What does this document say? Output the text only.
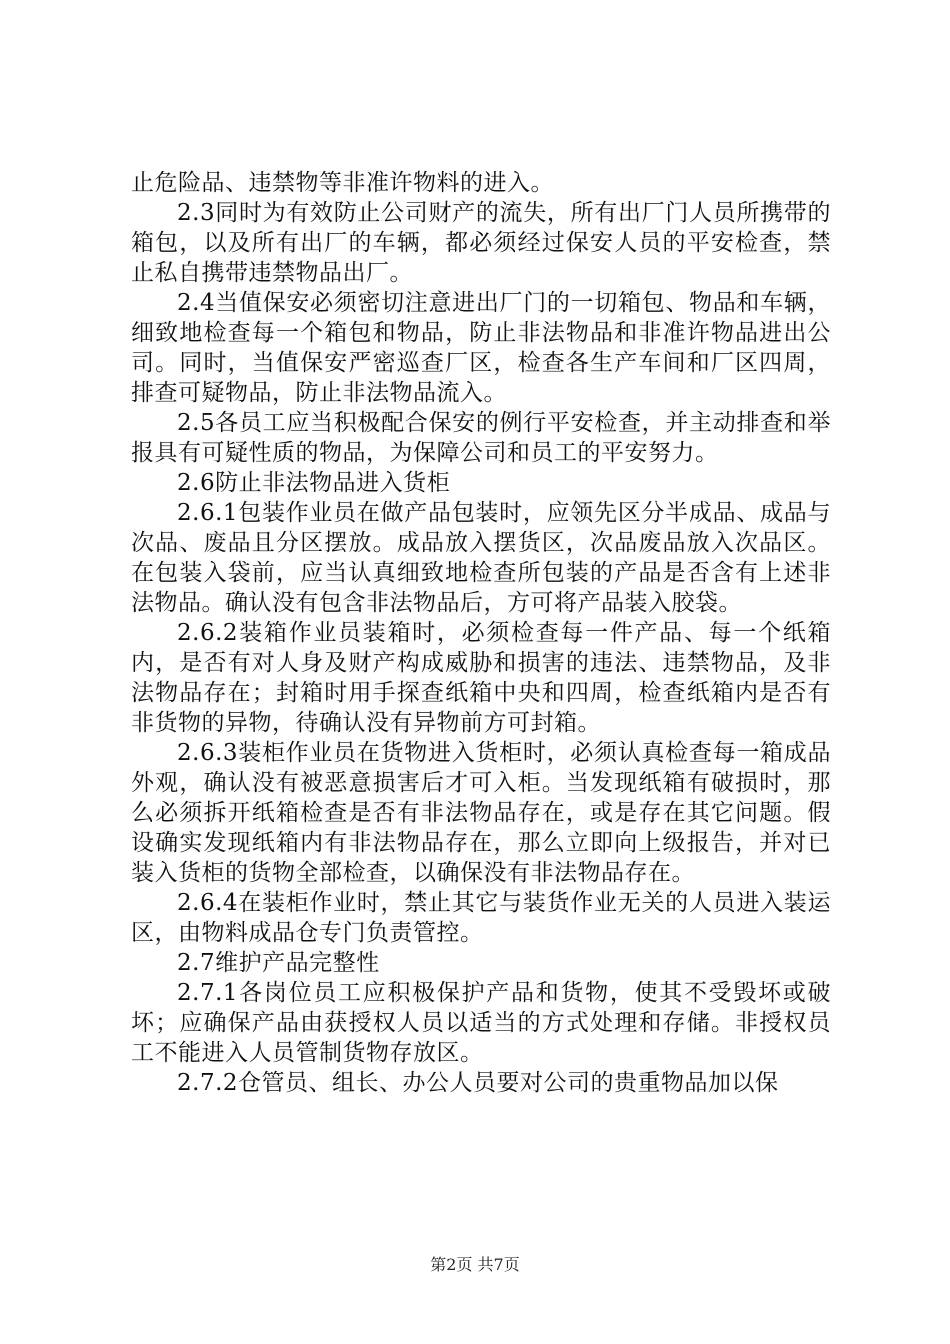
止危险品、违禁物等非准许物料的进入。

2.3同时为有效防止公司财产的流失，所有出厂门人员所携带的箱包，以及所有出厂的车辆，都必须经过保安人员的平安检查，禁止私自携带违禁物品出厂。

2.4当值保安必须密切注意进出厂门的一切箱包、物品和车辆，细致地检查每一个箱包和物品，防止非法物品和非准许物品进出公司。同时，当值保安严密巡查厂区，检查各生产车间和厂区四周，排查可疑物品，防止非法物品流入。

2.5各员工应当积极配合保安的例行平安检查，并主动排查和举报具有可疑性质的物品，为保障公司和员工的平安努力。

2.6防止非法物品进入货柜

2.6.1包装作业员在做产品包装时，应领先区分半成品、成品与次品、废品且分区摆放。成品放入摆货区，次品废品放入次品区。在包装入袋前，应当认真细致地检查所包装的产品是否含有上述非法物品。确认没有包含非法物品后，方可将产品装入胶袋。

2.6.2装箱作业员装箱时，必须检查每一件产品、每一个纸箱内，是否有对人身及财产构成威胁和损害的违法、违禁物品，及非法物品存在；封箱时用手探查纸箱中央和四周，检查纸箱内是否有非货物的异物，待确认没有异物前方可封箱。

2.6.3装柜作业员在货物进入货柜时，必须认真检查每一箱成品外观，确认没有被恶意损害后才可入柜。当发现纸箱有破损时，那么必须拆开纸箱检查是否有非法物品存在，或是存在其它问题。假设确实发现纸箱内有非法物品存在，那么立即向上级报告，并对已装入货柜的货物全部检查，以确保没有非法物品存在。

2.6.4在装柜作业时，禁止其它与装货作业无关的人员进入装运区，由物料成品仓专门负责管控。

2.7维护产品完整性

2.7.1各岗位员工应积极保护产品和货物，使其不受毁坏或破坏；应确保产品由获授权人员以适当的方式处理和存储。非授权员工不能进入人员管制货物存放区。

2.7.2仓管员、组长、办公人员要对公司的贵重物品加以保

第2页 共7页
